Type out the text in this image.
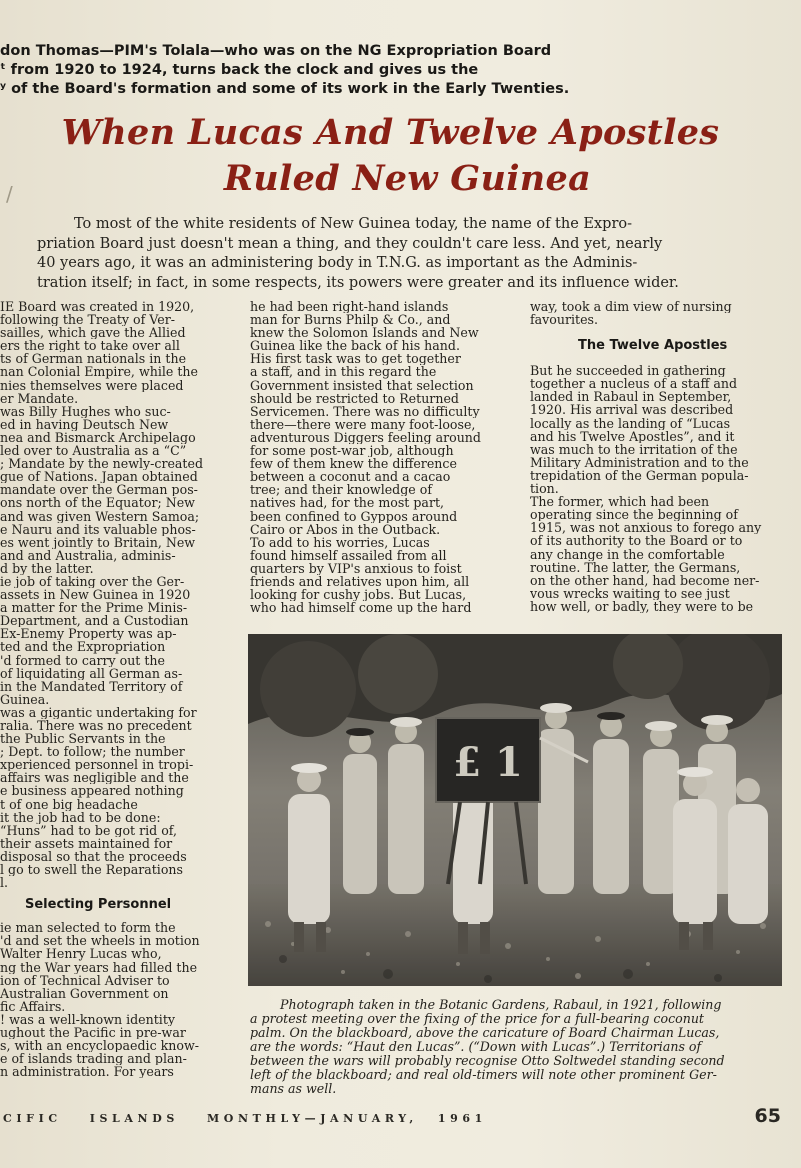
don Thomas—PIM's Tolala—who was on the NG Expropriation Board
ᵗ from 1920 to 1924, turns back the clock and gives us the
ʸ of the Board's formation and some of its work in the Early Twenties.
When Lucas And Twelve Apostles
Ruled New Guinea
/

To most of the white residents of New Guinea today, the name of the Expro-
priation Board just doesn't mean a thing, and they couldn't care less. And yet, nearly
40 years ago, it was an administering body in T.N.G. as important as the Adminis-
tration itself; in fact, in some respects, its powers were greater and its influence wider.

IE Board was created in 1920,
following the Treaty of Ver-
sailles, which gave the Allied
ers the right to take over all
ts of German nationals in the
nan Colonial Empire, while the
nies themselves were placed
er Mandate.
was Billy Hughes who suc-
ed in having Deutsch New
nea and Bismarck Archipelago
led over to Australia as a “C”
; Mandate by the newly-created
gue of Nations. Japan obtained
mandate over the German pos-
ons north of the Equator; New
and was given Western Samoa;
e Nauru and its valuable phos-
es went jointly to Britain, New
and and Australia, adminis-
d by the latter.
ie job of taking over the Ger-
assets in New Guinea in 1920
a matter for the Prime Minis-
Department, and a Custodian
Ex-Enemy Property was ap-
ted and the Expropriation
'd formed to carry out the
of liquidating all German as-
in the Mandated Territory of
Guinea.
was a gigantic undertaking for
ralia. There was no precedent
the Public Servants in the
; Dept. to follow; the number
xperienced personnel in tropi-
affairs was negligible and the
e business appeared nothing
t of one big headache
it the job had to be done:
“Huns” had to be got rid of,
their assets maintained for
disposal so that the proceeds
l go to swell the Reparations
l.
Selecting Personnel
ie man selected to form the
'd and set the wheels in motion
Walter Henry Lucas who,
ng the War years had filled the
ion of Technical Adviser to
Australian Government on
fic Affairs.
! was a well-known identity
ughout the Pacific in pre-war
s, with an encyclopaedic know-
e of islands trading and plan-
n administration. For years
he had been right-hand islands
man for Burns Philp & Co., and
knew the Solomon Islands and New
Guinea like the back of his hand.
His first task was to get together
a staff, and in this regard the
Government insisted that selection
should be restricted to Returned
Servicemen. There was no difficulty
there—there were many foot-loose,
adventurous Diggers feeling around
for some post-war job, although
few of them knew the difference
between a coconut and a cacao
tree; and their knowledge of
natives had, for the most part,
been confined to Gyppos around
Cairo or Abos in the Outback.
To add to his worries, Lucas
found himself assailed from all
quarters by VIP's anxious to foist
friends and relatives upon him, all
looking for cushy jobs. But Lucas,
who had himself come up the hard
way, took a dim view of nursing
favourites.
The Twelve Apostles
But he succeeded in gathering
together a nucleus of a staff and
landed in Rabaul in September,
1920. His arrival was described
locally as the landing of “Lucas
and his Twelve Apostles”, and it
was much to the irritation of the
Military Administration and to the
trepidation of the German popula-
tion.
The former, which had been
operating since the beginning of
1915, was not anxious to forego any
of its authority to the Board or to
any change in the comfortable
routine. The latter, the Germans,
on the other hand, had become ner-
vous wrecks waiting to see just
how well, or badly, they were to be
£ 1

Photograph taken in the Botanic Gardens, Rabaul, in 1921, following
a protest meeting over the fixing of the price for a full-bearing coconut
palm. On the blackboard, above the caricature of Board Chairman Lucas,
are the words: “Haut den Lucas”. (“Down with Lucas”.) Territorians of
between the wars will probably recognise Otto Soltwedel standing second
left of the blackboard; and real old-timers will note other prominent Ger-
mans as well.

CIFIC	ISLANDS	MONTHLY—JANUARY, 1961	65
